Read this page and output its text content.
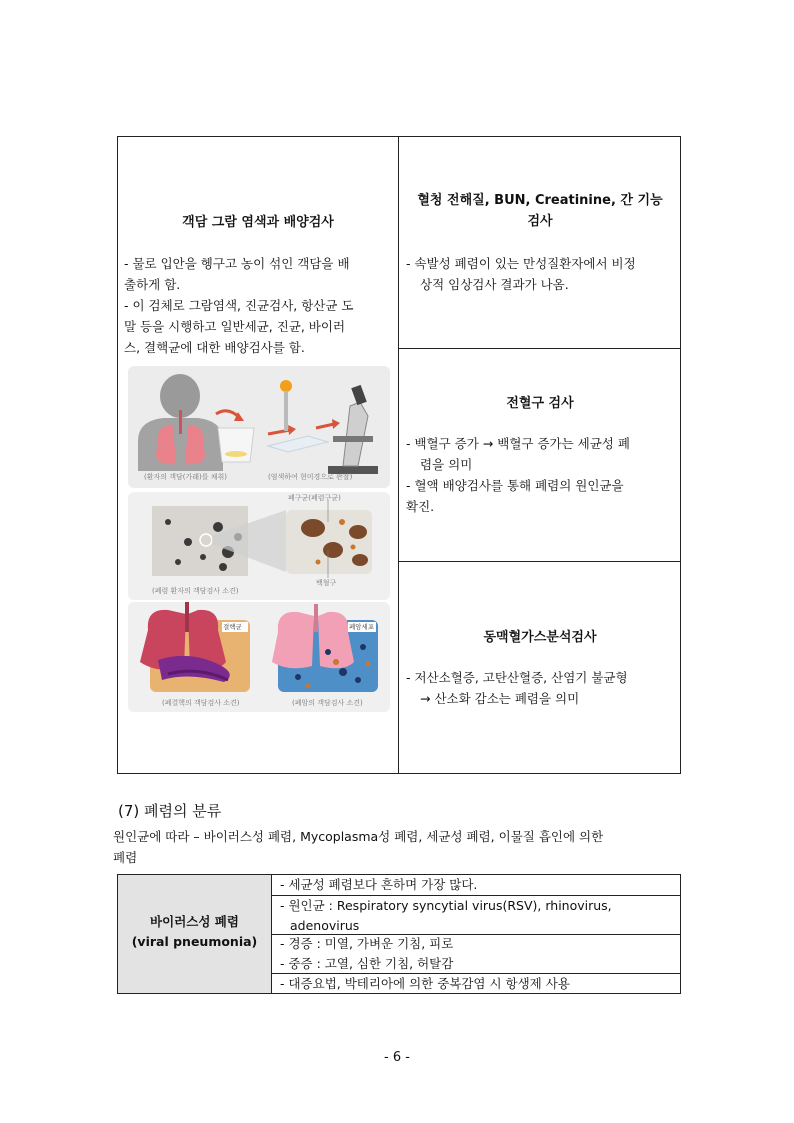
객담 그람 염색과 배양검사
- 물로 입안을 헹구고 농이 섞인 객담을 배
출하게 함.
- 이 검체로 그람염색, 진균검사, 항산균 도
말 등을 시행하고 일반세균, 진균, 바이러
스, 결핵균에 대한 배양검사를 함.
(환자의 객담(가래)를 채취)	(염색하여 현미경으로 관찰)
폐구균(폐렴구균)
백혈구
(폐렴 환자의 객담검사 소견)
결핵균	폐암세포
(폐결핵의 객담검사 소견)	(폐암의 객담검사 소견)
혈청 전해질, BUN, Creatinine, 간 기능
검사
- 속발성 폐렴이 있는 만성질환자에서 비정
상적 임상검사 결과가 나옴.
전혈구 검사
- 백혈구 증가 → 백혈구 증가는 세균성 폐
렴을 의미
- 혈액 배양검사를 통해 폐렴의 원인균을
확진.
동맥혈가스분석검사
- 저산소혈증, 고탄산혈증, 산염기 불균형
→ 산소화 감소는 폐렴을 의미
(7) 폐렴의 분류
원인균에 따라 – 바이러스성 폐렴, Mycoplasma성 폐렴, 세균성 폐렴, 이물질 흡인에 의한
폐렴
바이러스성 폐렴
(viral pneumonia)
- 세균성 폐렴보다 흔하며 가장 많다.
- 원인균 : Respiratory syncytial virus(RSV), rhinovirus,
adenovirus
- 경증 : 미열, 가벼운 기침, 피로
- 중증 : 고열, 심한 기침, 허탈감
- 대증요법, 박테리아에 의한 중복감염 시 항생제 사용
- 6 -
